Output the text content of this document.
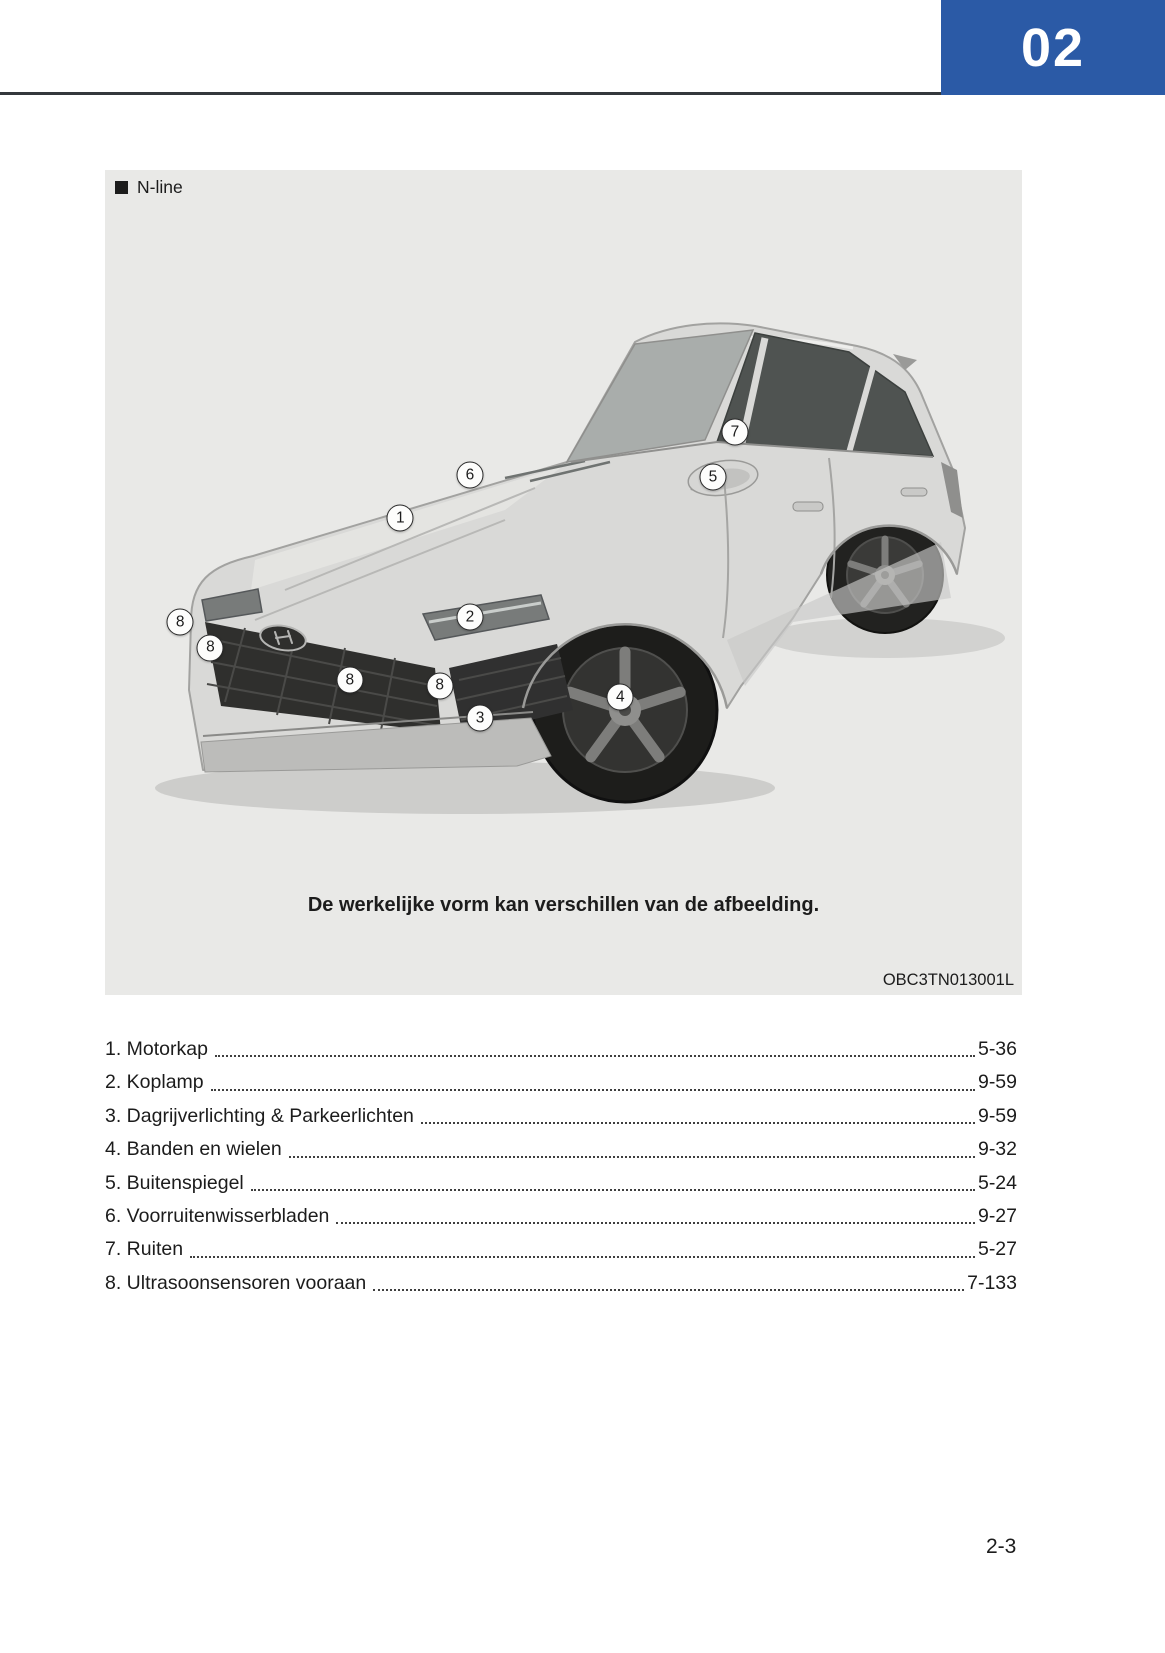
02
N-line
De werkelijke vorm kan verschillen van de afbeelding.
OBC3TN013001L
1
2
3
4
5
6
7
8
8
8	8
1. Motorkap	5-36
2. Koplamp	9-59
3. Dagrijverlichting & Parkeerlichten	9-59
4. Banden en wielen	9-32
5. Buitenspiegel	5-24
6. Voorruitenwisserbladen	9-27
7. Ruiten	5-27
8. Ultrasoonsensoren vooraan	7-133
2-3
